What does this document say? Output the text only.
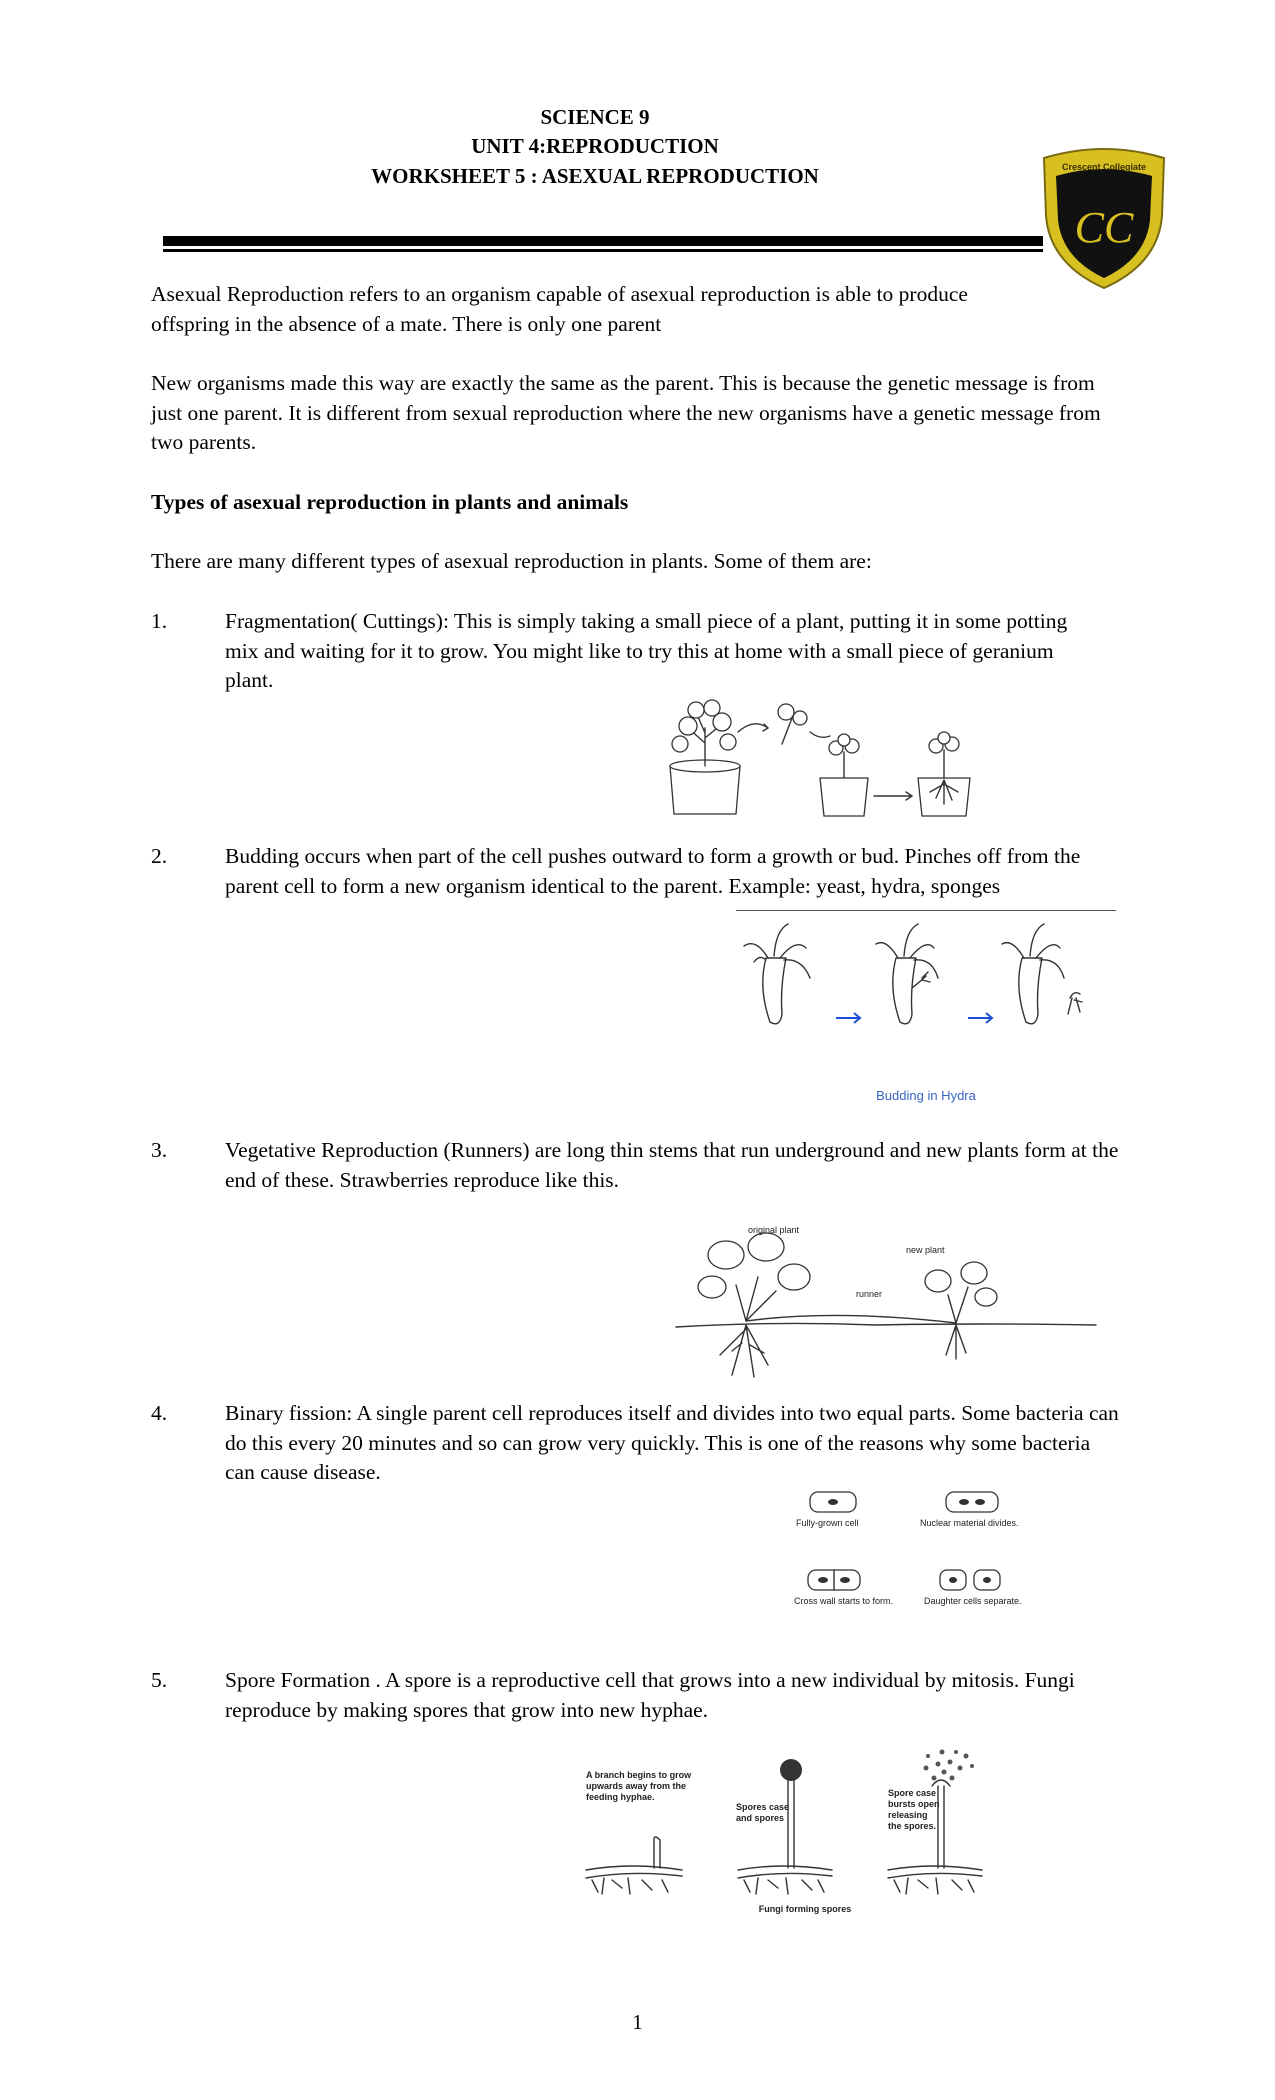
SCIENCE 9
UNIT 4:REPRODUCTION
WORKSHEET 5 : ASEXUAL REPRODUCTION	Crescent Collegiate
CC
Asexual Reproduction refers to an organism capable of asexual reproduction is able to produce offspring in the absence of a mate. There is only one parent
New organisms made this way are exactly the same as the parent. This is because the genetic message is from just one parent. It is different from sexual reproduction where the new organisms have a genetic message from two parents.
Types of asexual reproduction in plants and animals
There are many different types of asexual reproduction in plants. Some of them are:
1.	Fragmentation( Cuttings): This is simply taking a small piece of a plant, putting it in some potting mix and waiting for it to grow. You might like to try this at home with a small piece of geranium plant.
2.	Budding occurs when part of the cell pushes outward to form a growth or bud. Pinches off from the parent cell to form a new organism identical to the parent. Example: yeast, hydra, sponges
Budding in Hydra
3.	Vegetative Reproduction (Runners) are long thin stems that run underground and new plants form at the end of these. Strawberries reproduce like this.
original plant
new plant
runner
4.	Binary fission: A single parent cell reproduces itself and divides into two equal parts. Some bacteria can do this every 20 minutes and so can grow very quickly. This is one of the reasons why some bacteria can cause disease.
Fully-grown cell	Nuclear material divides.
Cross wall starts to form.	Daughter cells separate.
5.	Spore Formation . A spore is a reproductive cell that grows into a new individual by mitosis. Fungi reproduce by making spores that grow into new hyphae.
A branch begins to grow upwards away from the feeding hyphae.
Spores case and spores
Spore case bursts open releasing the spores.
Fungi forming spores
1
